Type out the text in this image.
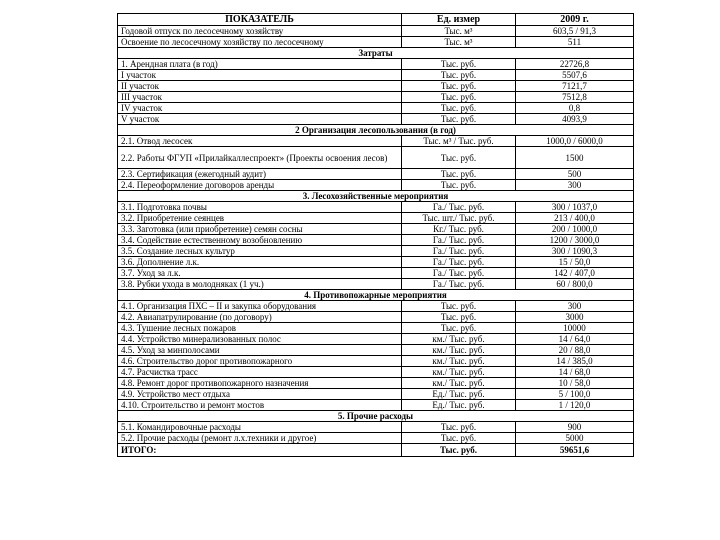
ПОКАЗАТЕЛЬ	Ед. измер	2009 г.
Годовой отпуск по лесосечному хозяйству	Тыс. м³	603,5 / 91,3
Освоение по лесосечному хозяйству по лесосечному	Тыс. м³	511
Затраты		
1. Арендная плата (в год)	Тыс. руб.	22726,8
I участок	Тыс. руб.	5507,6
II участок	Тыс. руб.	7121,7
III участок	Тыс. руб.	7512,8
IV участок	Тыс. руб.	0,8
V участок	Тыс. руб.	4093,9
2 Организация лесопользования (в год)		
2.1. Отвод лесосек	Тыс. м³ / Тыс. руб.	1000,0 / 6000,0
2.2. Работы ФГУП «Прилайкаллеспроект» (Проекты освоения лесов)	Тыс. руб.	1500
2.3. Сертификация (ежегодный аудит)	Тыс. руб.	500
2.4. Переоформление договоров аренды	Тыс. руб.	300
3. Лесохозяйственные мероприятия		
3.1. Подготовка почвы	Га./ Тыс. руб.	300 / 1037,0
3.2. Приобретение сеянцев	Тыс. шт./ Тыс. руб.	213 / 400,0
3.3. Заготовка (или приобретение) семян сосны	Кг./ Тыс. руб.	200 / 1000,0
3.4. Содействие естественному возобновлению	Га./ Тыс. руб.	1200 / 3000,0
3.5. Создание лесных культур	Га./ Тыс. руб.	300 / 1090,3
3.6. Дополнение л.к.	Га./ Тыс. руб.	15 / 50,0
3.7. Уход за л.к.	Га./ Тыс. руб.	142 / 407,0
3.8. Рубки ухода в молодняках (1 уч.)	Га./ Тыс. руб.	60 / 800,0
4. Противопожарные мероприятия		
4.1. Организация ПХС – II и закупка оборудования	Тыс. руб.	300
4.2. Авиапатрулирование (по договору)	Тыс. руб.	3000
4.3. Тушение лесных пожаров	Тыс. руб.	10000
4.4. Устройство минерализованных полос	км./ Тыс. руб.	14 / 64,0
4.5. Уход за минполосами	км./ Тыс. руб.	20 / 88,0
4.6. Строительство дорог противопожарного	км./ Тыс. руб.	14 / 385,0
4.7. Расчистка трасс	км./ Тыс. руб.	14 / 68,0
4.8. Ремонт дорог противопожарного назначения	км./ Тыс. руб.	10 / 58,0
4.9. Устройство мест отдыха	Ед./ Тыс. руб.	5 / 100,0
4.10. Строительство и ремонт мостов	Ед./ Тыс. руб.	1 / 120,0
5. Прочие расходы		
5.1. Командировочные расходы	Тыс. руб.	900
5.2. Прочие расходы (ремонт л.х.техники и другое)	Тыс. руб.	5000
ИТОГО:	Тыс. руб.	59651,6
